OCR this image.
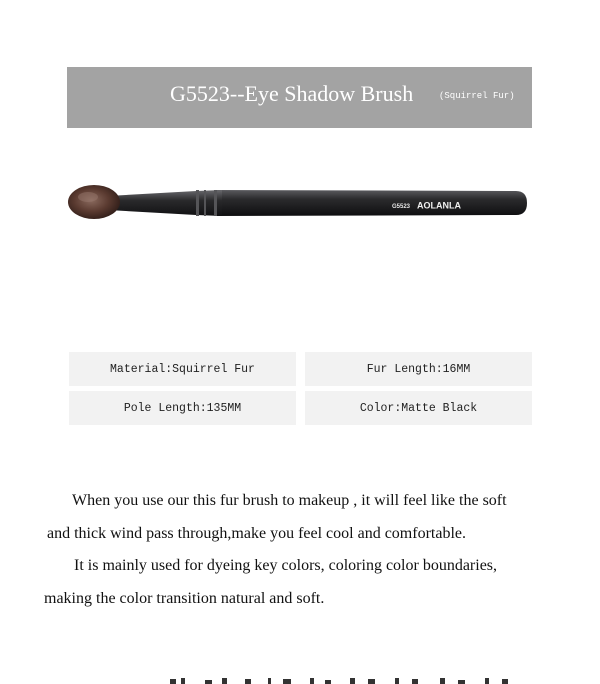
G5523--Eye Shadow Brush	(Squirrel Fur)
G5523 AOLANLA
Material:Squirrel Fur	Fur Length:16MM
Pole Length:135MM	Color:Matte Black
When you use our this fur brush to makeup , it will feel like the soft
and thick wind pass through,make you feel cool and comfortable.
It is mainly used for dyeing key colors, coloring color boundaries,
making the color transition natural and soft.
